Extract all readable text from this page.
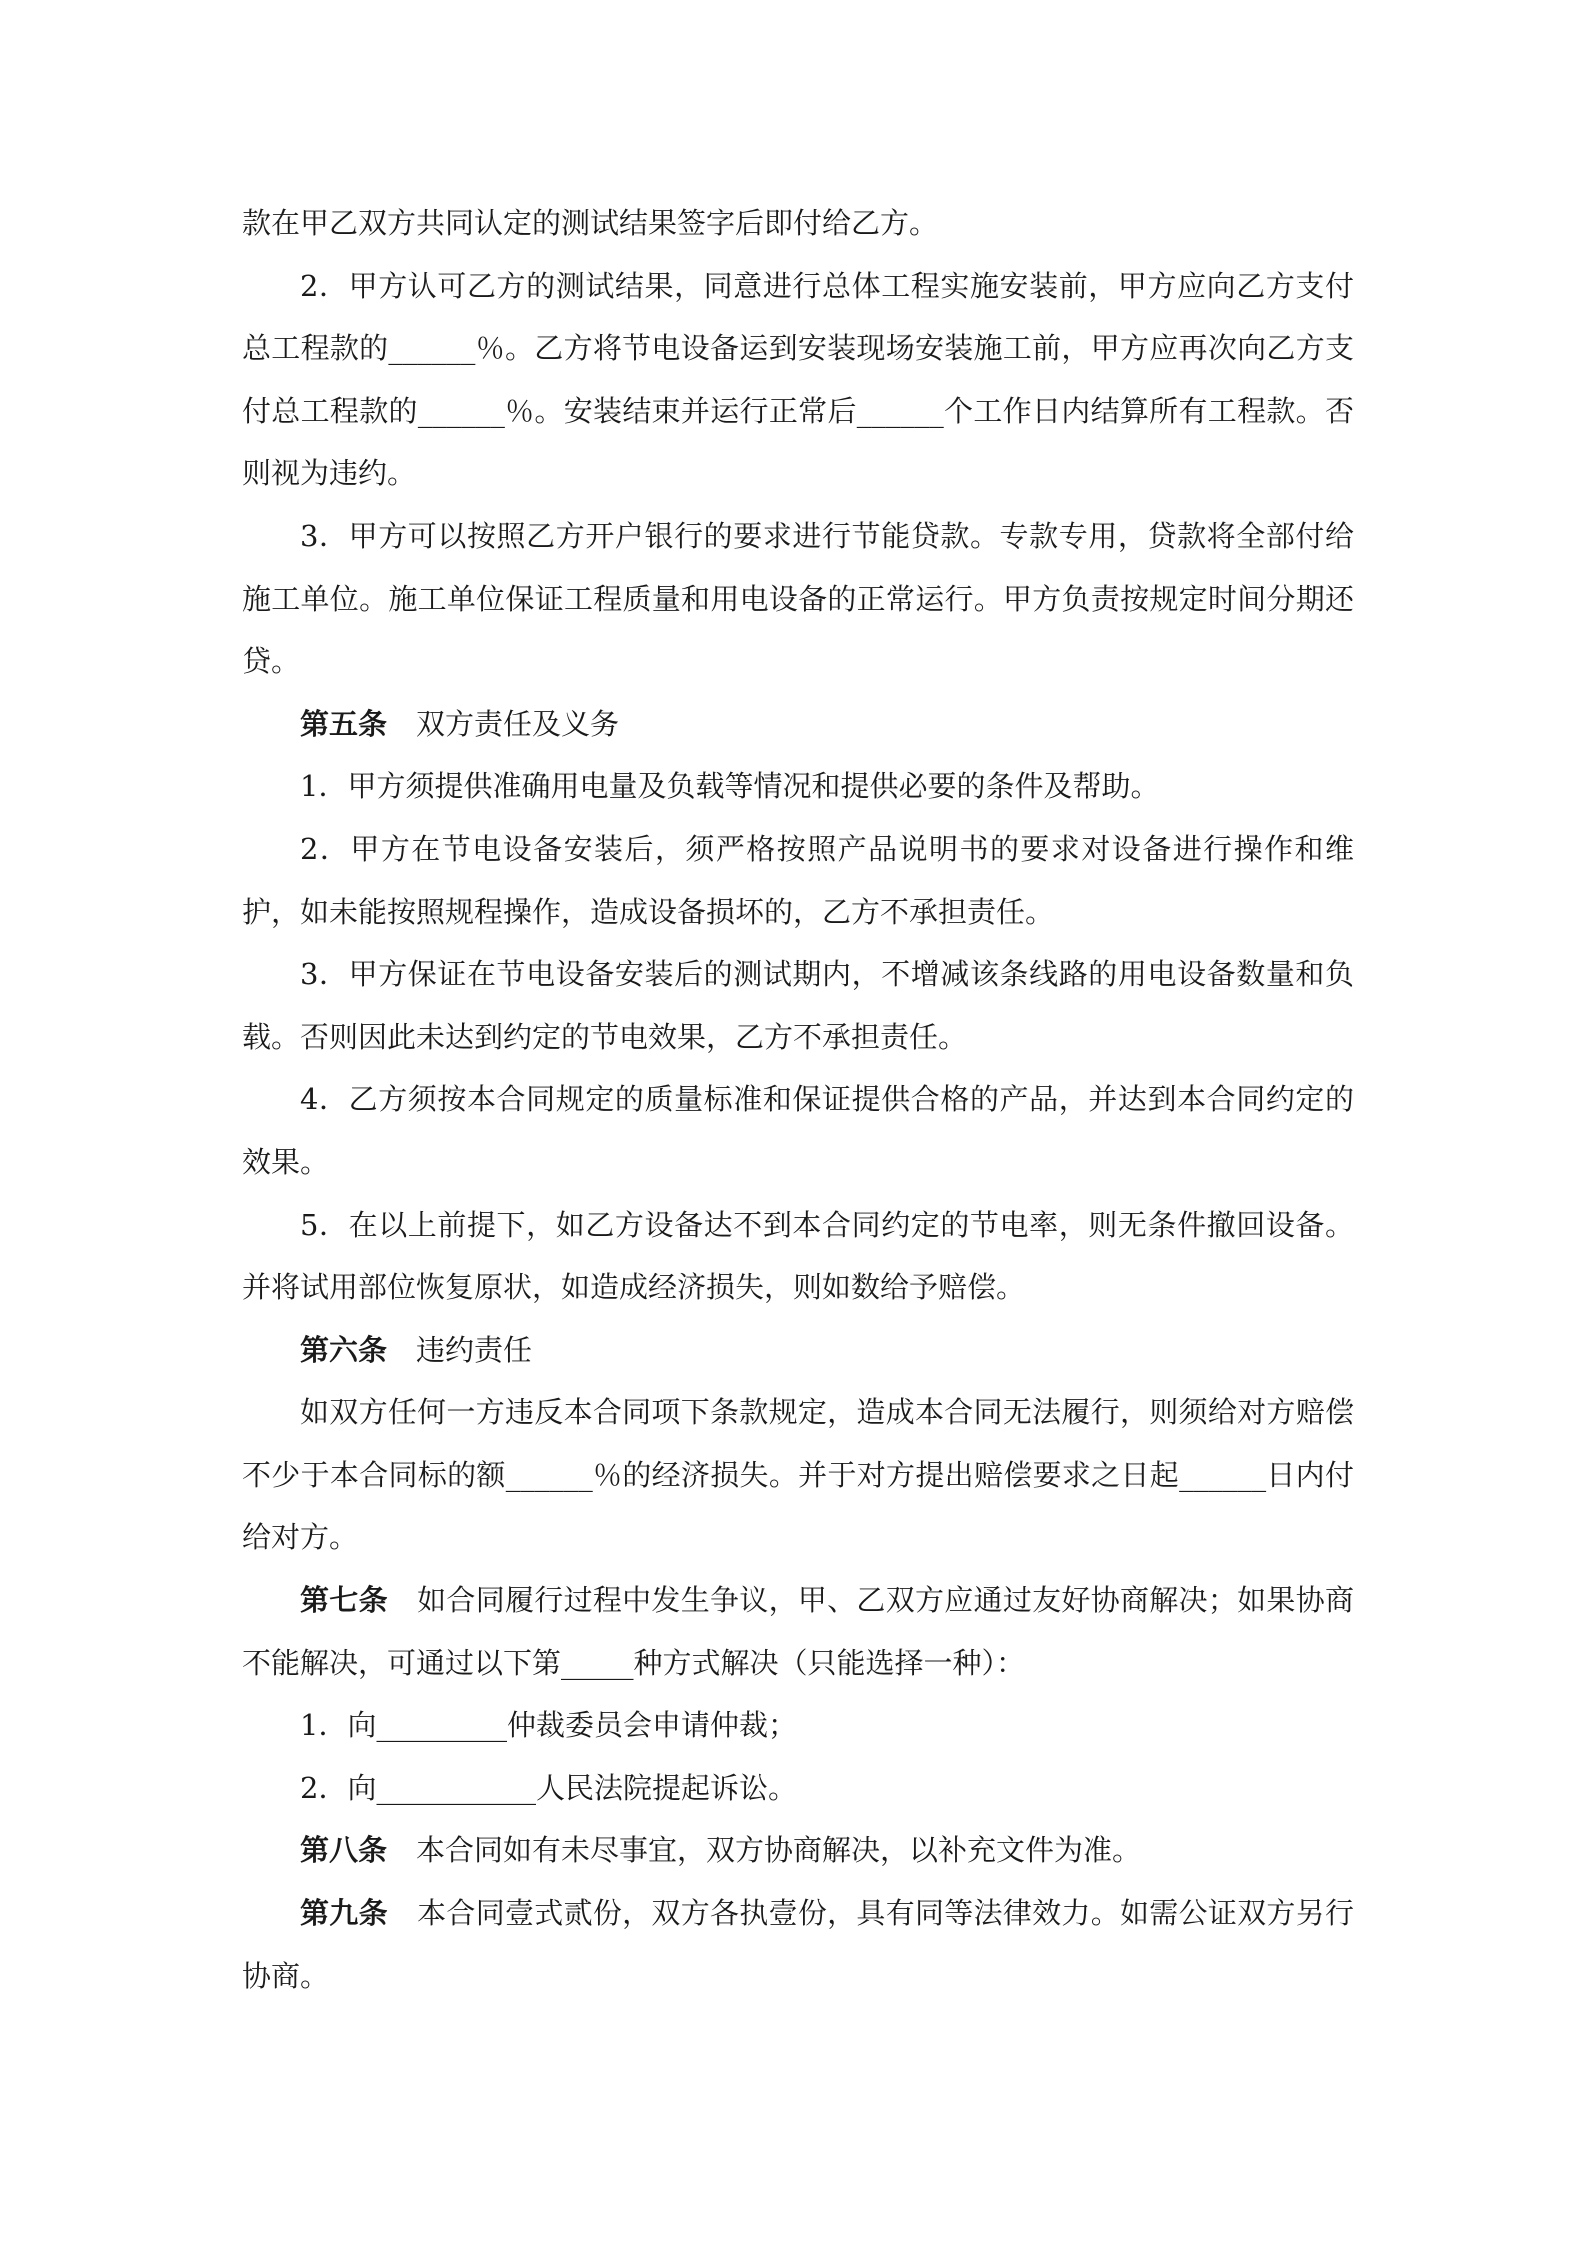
款在甲乙双方共同认定的测试结果签字后即付给乙方。

2．甲方认可乙方的测试结果，同意进行总体工程实施安装前，甲方应向乙方支付总工程款的______％。乙方将节电设备运到安装现场安装施工前，甲方应再次向乙方支付总工程款的______％。安装结束并运行正常后______个工作日内结算所有工程款。否则视为违约。

3．甲方可以按照乙方开户银行的要求进行节能贷款。专款专用，贷款将全部付给施工单位。施工单位保证工程质量和用电设备的正常运行。甲方负责按规定时间分期还贷。

第五条 双方责任及义务

1．甲方须提供准确用电量及负载等情况和提供必要的条件及帮助。

2．甲方在节电设备安装后，须严格按照产品说明书的要求对设备进行操作和维护，如未能按照规程操作，造成设备损坏的，乙方不承担责任。

3．甲方保证在节电设备安装后的测试期内，不增减该条线路的用电设备数量和负载。否则因此未达到约定的节电效果，乙方不承担责任。

4．乙方须按本合同规定的质量标准和保证提供合格的产品，并达到本合同约定的效果。

5．在以上前提下，如乙方设备达不到本合同约定的节电率，则无条件撤回设备。并将试用部位恢复原状，如造成经济损失，则如数给予赔偿。

第六条 违约责任

如双方任何一方违反本合同项下条款规定，造成本合同无法履行，则须给对方赔偿不少于本合同标的额______％的经济损失。并于对方提出赔偿要求之日起______日内付给对方。

第七条 如合同履行过程中发生争议，甲、乙双方应通过友好协商解决；如果协商不能解决，可通过以下第_____种方式解决（只能选择一种）：

1．向_________仲裁委员会申请仲裁；

2．向___________人民法院提起诉讼。

第八条 本合同如有未尽事宜，双方协商解决，以补充文件为准。

第九条 本合同壹式贰份，双方各执壹份，具有同等法律效力。如需公证双方另行协商。
